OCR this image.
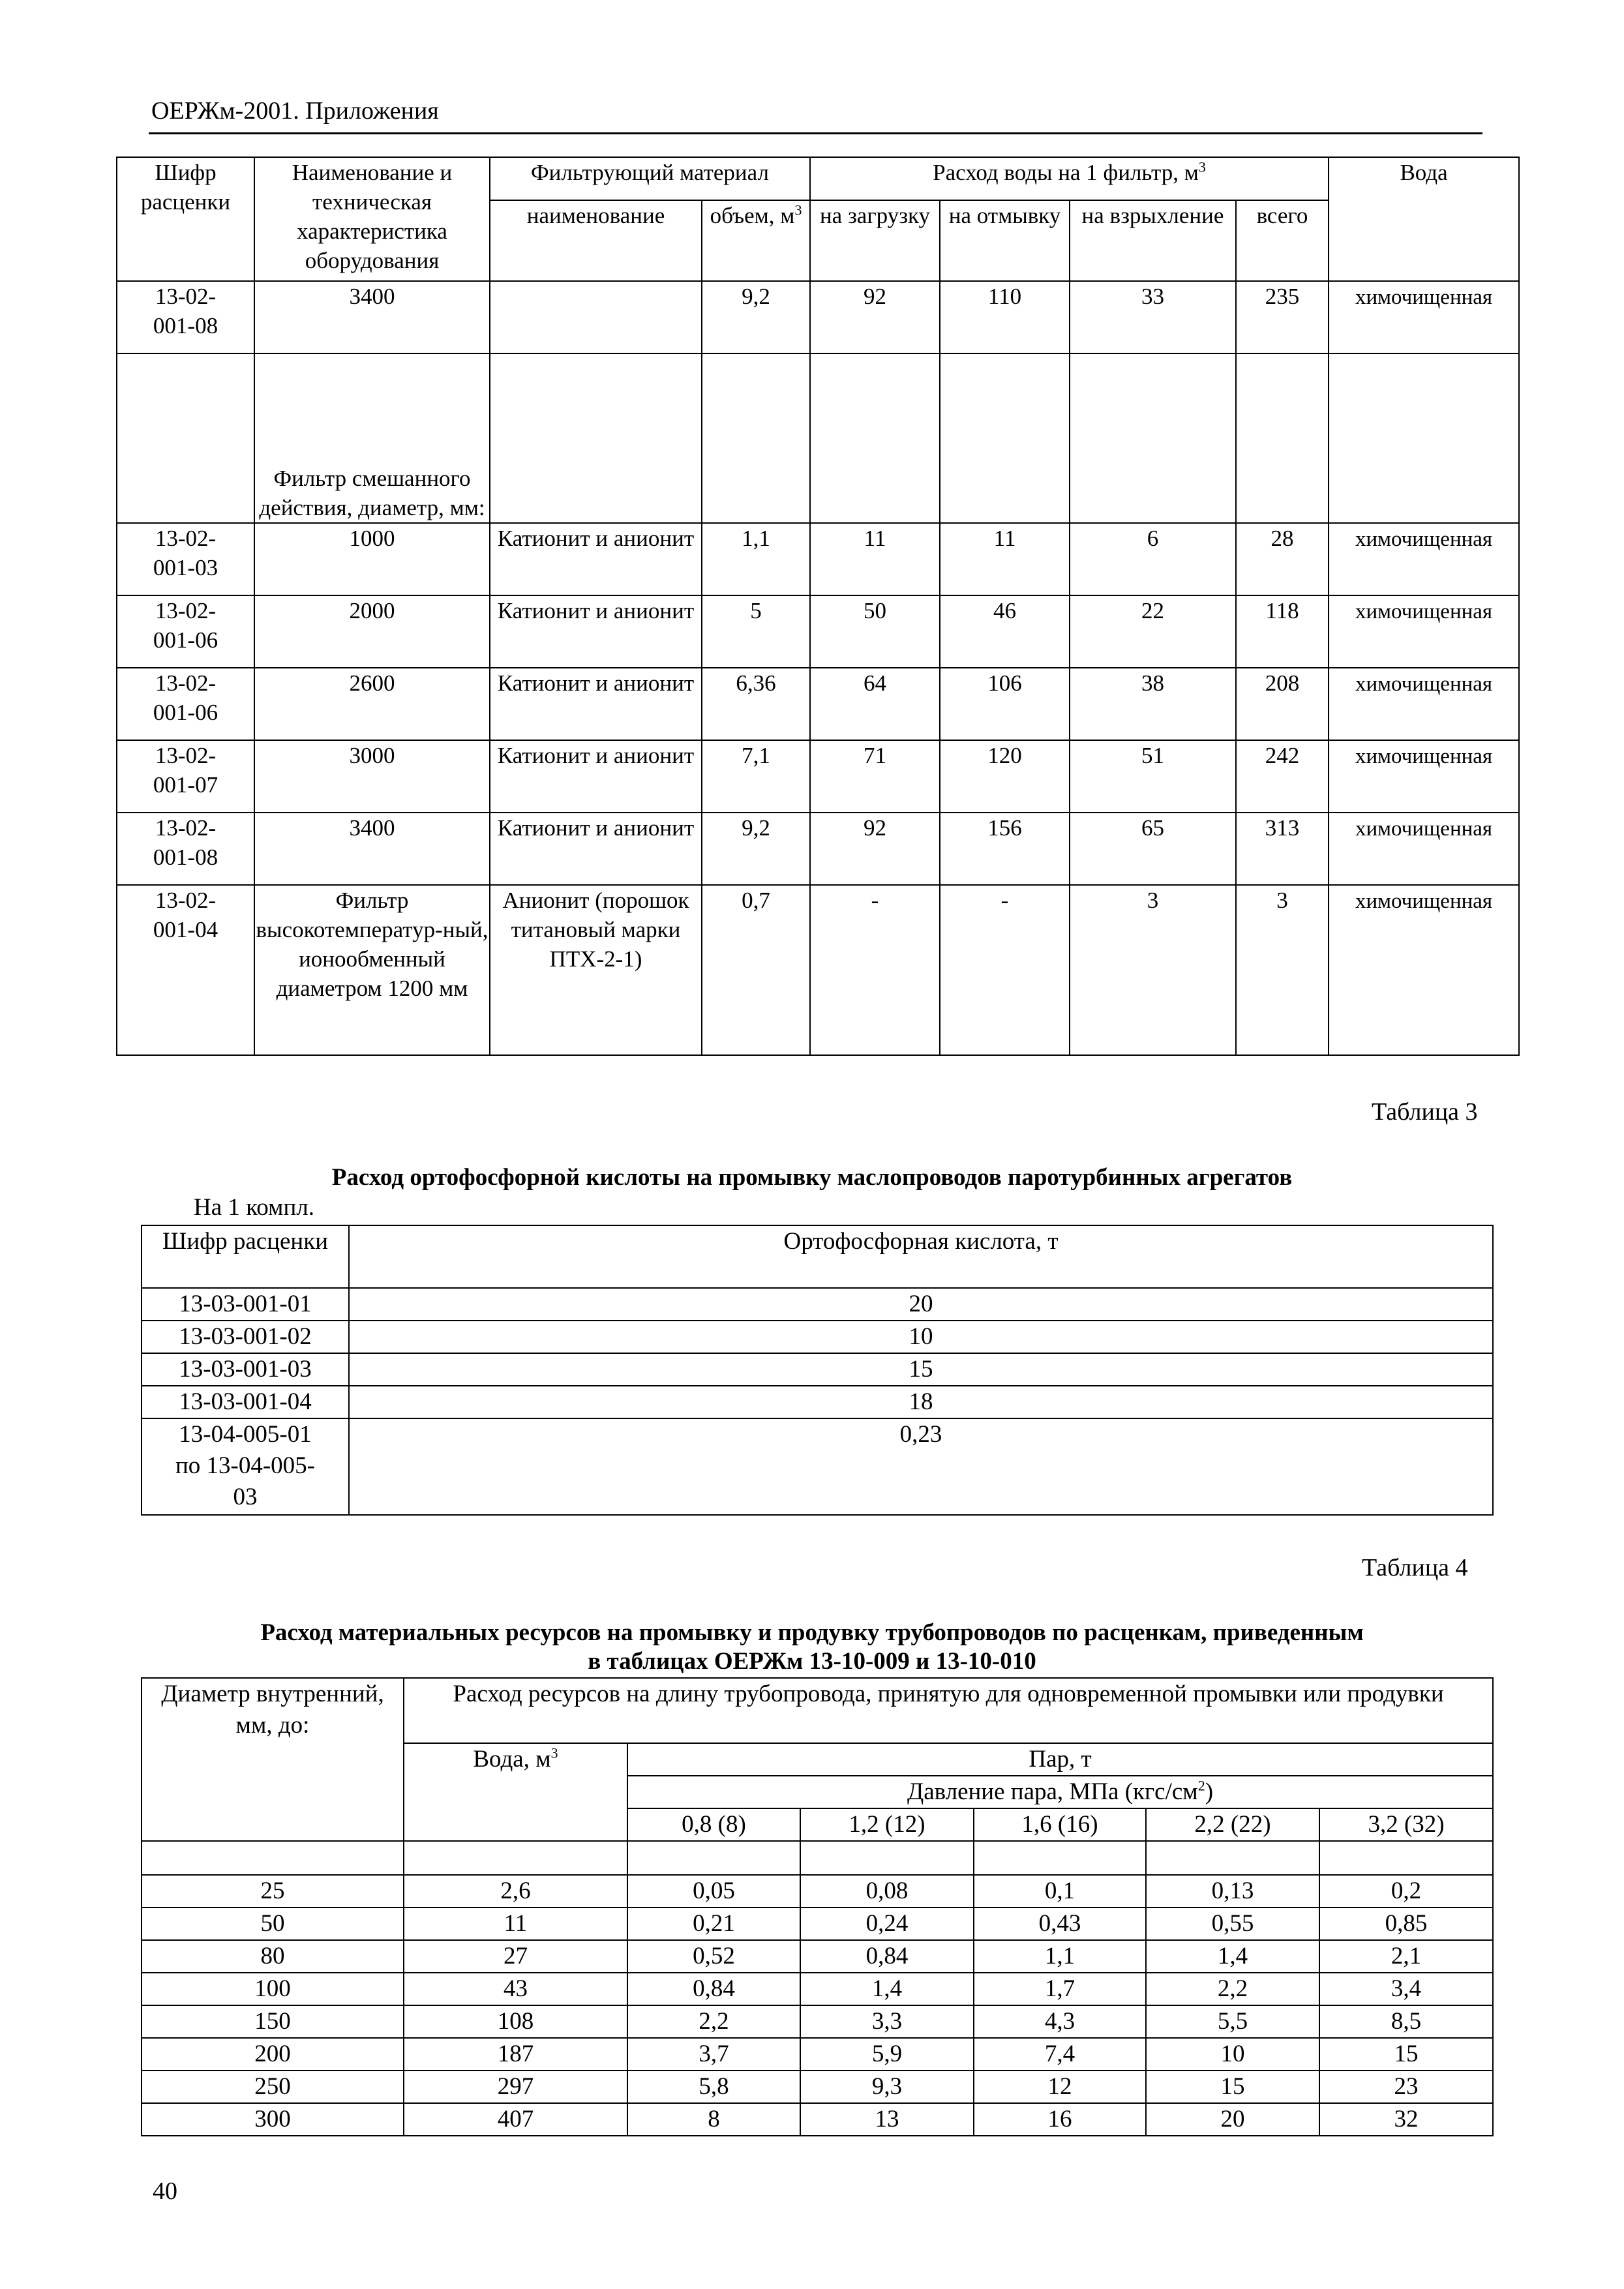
ОЕРЖм-2001. Приложения
Шифр расценки	Наименование и техническая характеристика оборудования	Фильтрующий материал		Расход воды на 1 фильтр, $м^3$				Вода
		наименование	объем, $м^3$	на загрузку	на отмывку	на взрыхление	всего	
13-02-001-08	3400		9,2	92	110	33	235	химочищенная
	Фильтр смешанного действия, диаметр, мм:							
13-02-001-03	1000	Катионит и анионит	1,1	11	11	6	28	химочищенная
13-02-001-06	2000	Катионит и анионит	5	50	46	22	118	химочищенная
13-02-001-06	2600	Катионит и анионит	6,36	64	106	38	208	химочищенная
13-02-001-07	3000	Катионит и анионит	7,1	71	120	51	242	химочищенная
13-02-001-08	3400	Катионит и анионит	9,2	92	156	65	313	химочищенная
13-02-001-04	Фильтр высокотемператур-ный, ионообменный диаметром 1200 мм	Анионит (порошок титановый марки ПТХ-2-1)	0,7	-	-	3	3	химочищенная
Таблица 3
Расход ортофосфорной кислоты на промывку маслопроводов паротурбинных агрегатов
На 1 компл.
Шифр расценки	Ортофосфорная кислота, т
13-03-001-01	20
13-03-001-02	10
13-03-001-03	15
13-03-001-04	18
13-04-005-01 по 13-04-005-03	0,23
Таблица 4
Расход материальных ресурсов на промывку и продувку трубопроводов по расценкам, приведенным
в таблицах ОЕРЖм 13-10-009 и 13-10-010
Диаметр внутренний, мм, до:	Расход ресурсов на длину трубопровода, принятую для одновременной промывки или продувки					
	Вода, $м^3$	Пар, т				
		Давление пара, МПа $(кгс/см^2)$				
		0,8 (8)	1,2 (12)	1,6 (16)	2,2 (22)	3,2 (32)

25	2,6	0,05	0,08	0,1	0,13	0,2
50	11	0,21	0,24	0,43	0,55	0,85
80	27	0,52	0,84	1,1	1,4	2,1
100	43	0,84	1,4	1,7	2,2	3,4
150	108	2,2	3,3	4,3	5,5	8,5
200	187	3,7	5,9	7,4	10	15
250	297	5,8	9,3	12	15	23
300	407	8	13	16	20	32
40
